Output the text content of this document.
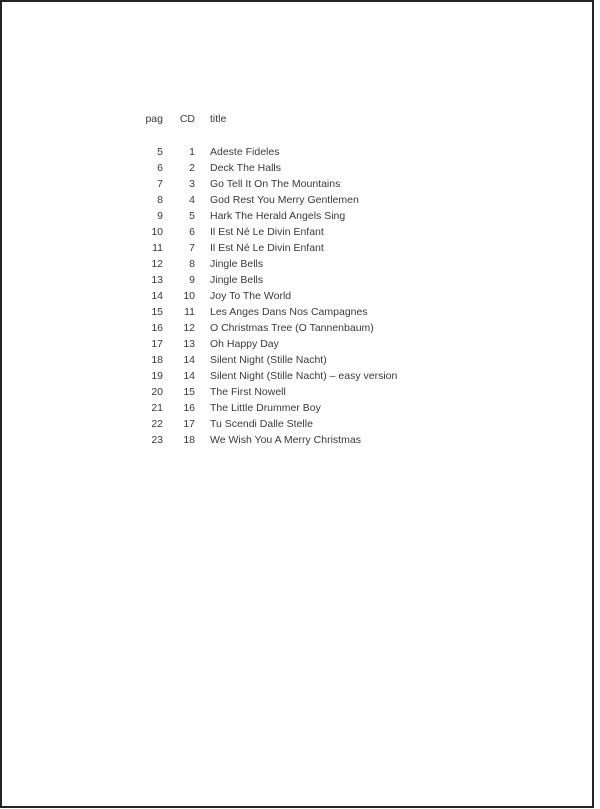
pag	CD title
5	1 Adeste Fideles
6	2 Deck The Halls
7	3 Go Tell It On The Mountains
8	4 God Rest You Merry Gentlemen
9	5 Hark The Herald Angels Sing
10	6 Il Est Né Le Divin Enfant
11	7 Il Est Né Le Divin Enfant
12	8 Jingle Bells
13	9 Jingle Bells
14	10 Joy To The World
15	11 Les Anges Dans Nos Campagnes
16	12 O Christmas Tree (O Tannenbaum)
17	13 Oh Happy Day
18	14 Silent Night (Stille Nacht)
19	14 Silent Night (Stille Nacht) – easy version
20	15 The First Nowell
21	16 The Little Drummer Boy
22	17 Tu Scendi Dalle Stelle
23	18 We Wish You A Merry Christmas
